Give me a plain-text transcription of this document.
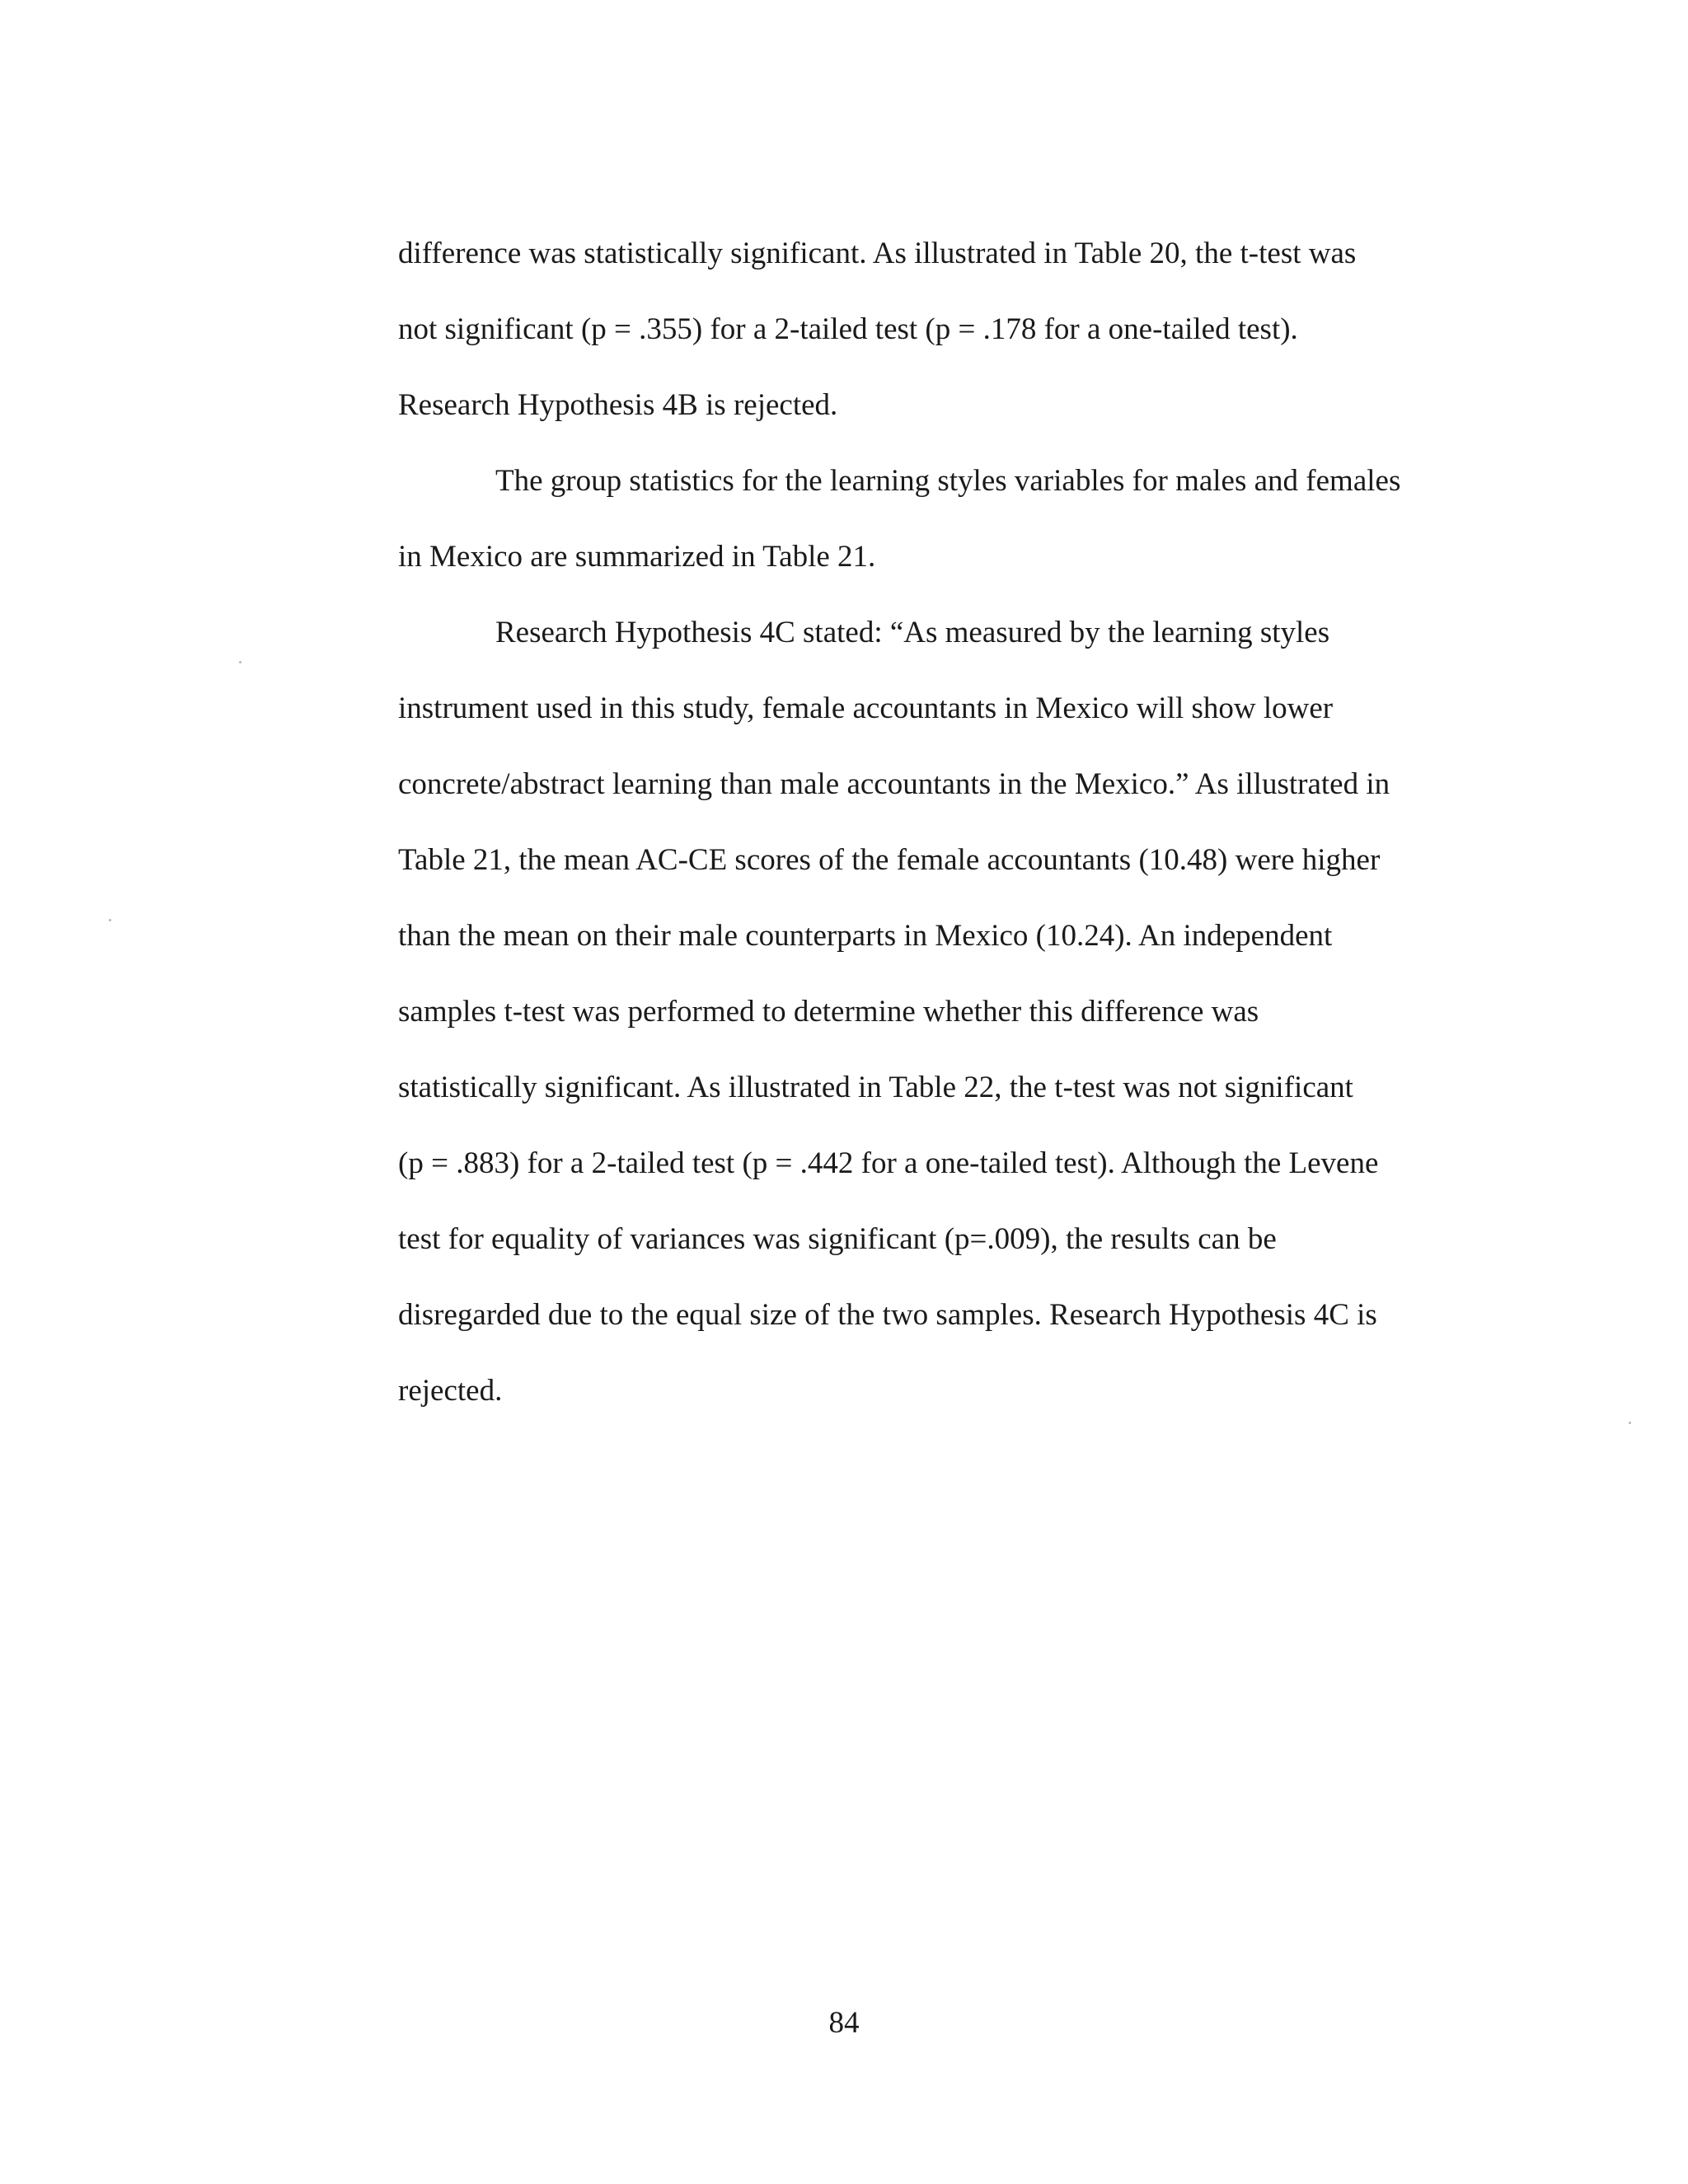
difference was statistically significant. As illustrated in Table 20, the t-test was
not significant (p = .355) for a 2-tailed test (p = .178 for a one-tailed test).
Research Hypothesis 4B is rejected.
The group statistics for the learning styles variables for males and females
in Mexico are summarized in Table 21.
Research Hypothesis 4C stated: “As measured by the learning styles
instrument used in this study, female accountants in Mexico will show lower
concrete/abstract learning than male accountants in the Mexico.” As illustrated in
Table 21, the mean AC-CE scores of the female accountants (10.48) were higher
than the mean on their male counterparts in Mexico (10.24). An independent
samples t-test was performed to determine whether this difference was
statistically significant. As illustrated in Table 22, the t-test was not significant
(p = .883) for a 2-tailed test (p = .442 for a one-tailed test). Although the Levene
test for equality of variances was significant (p=.009), the results can be
disregarded due to the equal size of the two samples. Research Hypothesis 4C is
rejected.
84
